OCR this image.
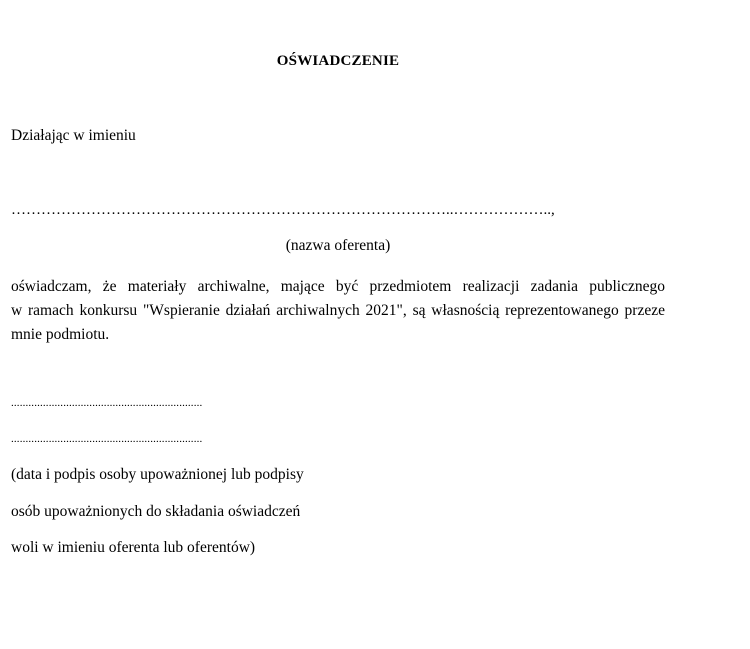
OŚWIADCZENIE
Działając w imieniu
……………………………………………………………………………..………………..,
(nazwa oferenta)
oświadczam, że materiały archiwalne, mające być przedmiotem realizacji zadania publicznego
w ramach konkursu "Wspieranie działań archiwalnych 2021", są własnością reprezentowanego przeze
mnie podmiotu.
..................................................................
..................................................................
(data i podpis osoby upoważnionej lub podpisy
osób upoważnionych do składania oświadczeń
woli w imieniu oferenta lub oferentów)
